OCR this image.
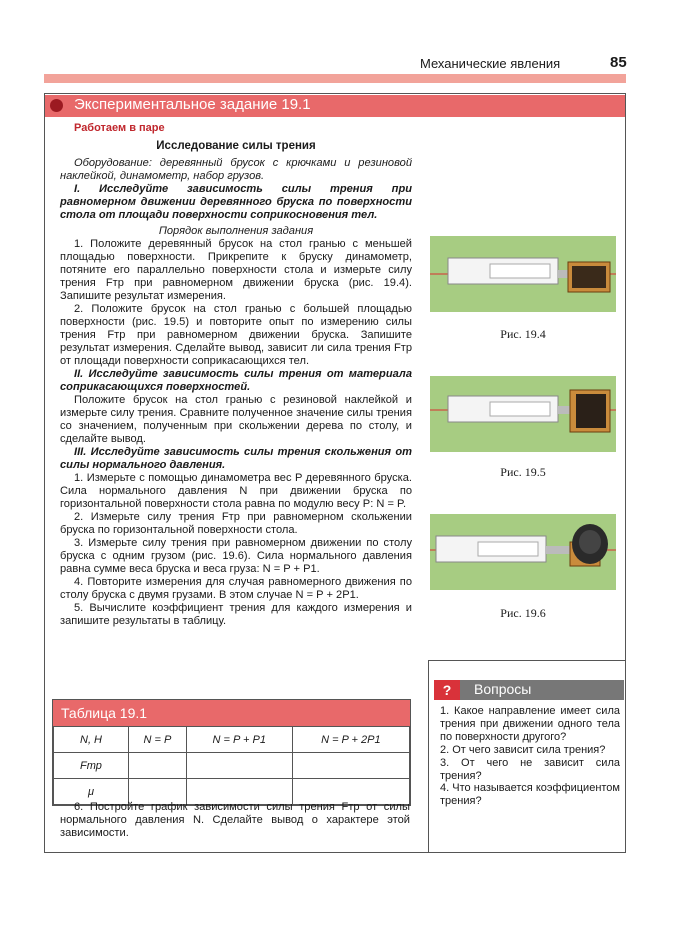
Механические явления	85
Экспериментальное задание 19.1

Работаем в паре

Исследование силы трения

Оборудование: деревянный брусок с крючками и резиновой наклейкой, динамометр, набор грузов.

I. Исследуйте зависимость силы трения при равномерном движении деревянного бруска по поверхности стола от площади поверхности соприкосновения тел.

Порядок выполнения задания

1. Положите деревянный брусок на стол гранью с меньшей площадью поверхности. Прикрепите к бруску динамометр, потяните его параллельно поверхности стола и измерьте силу трения Fтр при равномерном движении бруска (рис. 19.4). Запишите результат измерения.

2. Положите брусок на стол гранью с большей площадью поверхности (рис. 19.5) и повторите опыт по измерению силы трения Fтр при равномерном движении бруска. Запишите результат измерения. Сделайте вывод, зависит ли сила трения Fтр от площади поверхности соприкасающихся тел.

II. Исследуйте зависимость силы трения от материала соприкасающихся поверхностей.

Положите брусок на стол гранью с резиновой наклейкой и измерьте силу трения. Сравните полученное значение силы трения со значением, полученным при скольжении дерева по столу, и сделайте вывод.

III. Исследуйте зависимость силы трения скольжения от силы нормального давления.

1. Измерьте с помощью динамометра вес P деревянного бруска. Сила нормального давления N при движении бруска по горизонтальной поверхности стола равна по модулю весу P: N = P.

2. Измерьте силу трения Fтр при равномерном скольжении бруска по горизонтальной поверхности стола.

3. Измерьте силу трения при равномерном движении по столу бруска с одним грузом (рис. 19.6). Сила нормального давления равна сумме веса бруска и веса груза: N = P + P1.

4. Повторите измерения для случая равномерного движения по столу бруска с двумя грузами. В этом случае N = P + 2P1.

5. Вычислите коэффициент трения для каждого измерения и запишите результаты в таблицу.

Рис. 19.4
Рис. 19.5
Рис. 19.6
Таблица 19.1
N, Н	N = P	N = P + P1	N = P + 2P1
Fтр			
μ			
6. Постройте график зависимости силы трения Fтр от силы нормального давления N. Сделайте вывод о характере этой зависимости.
?	Вопросы

1. Какое направление имеет сила трения при движении одного тела по поверхности другого?

2. От чего зависит сила трения?

3. От чего не зависит сила трения?

4. Что называется коэффициентом трения?
